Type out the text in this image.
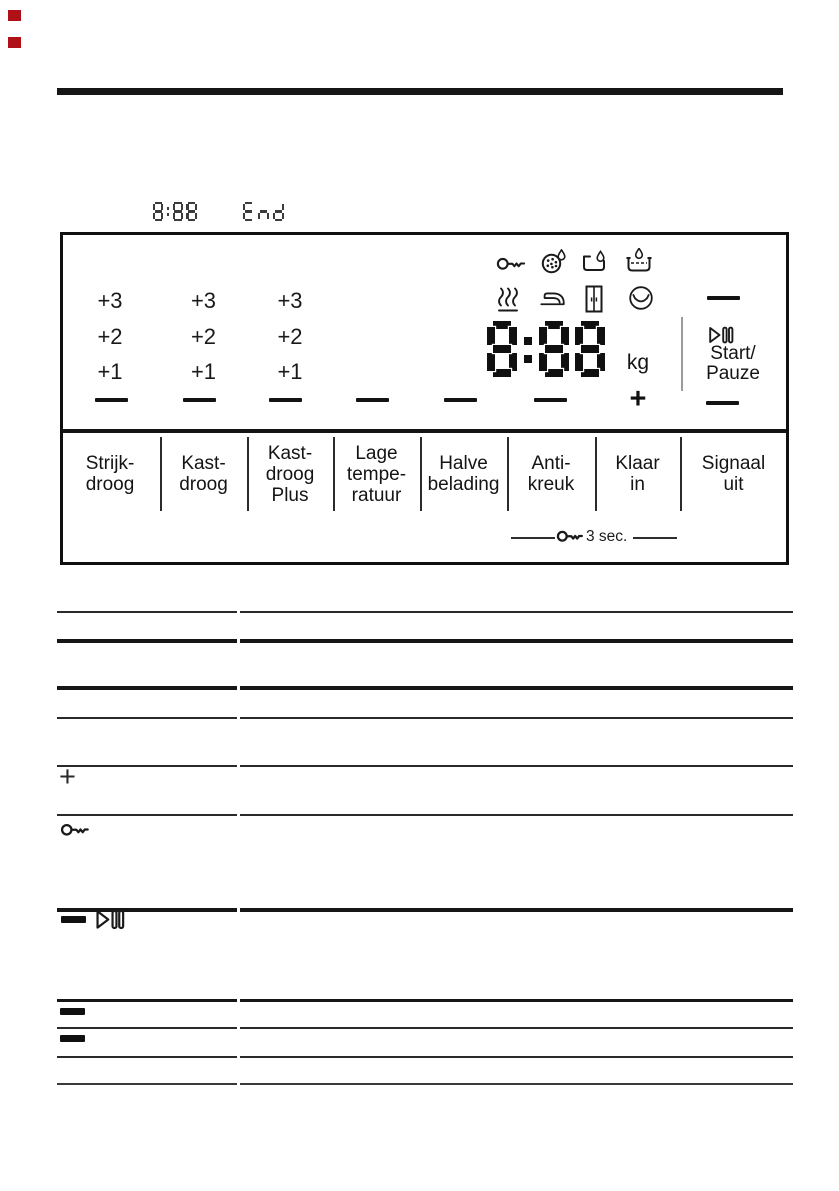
+3
+2
+1
+3
+2
+1
+3
+2
+1	kg	Start/
Pauze
+
Strijk-
droog
Kast-
droog
Kast-
droog
Plus
Lage
tempe-
ratuur
Halve
belading
Anti-
kreuk
Klaar
in
Signaal
uit
3 sec.
+
